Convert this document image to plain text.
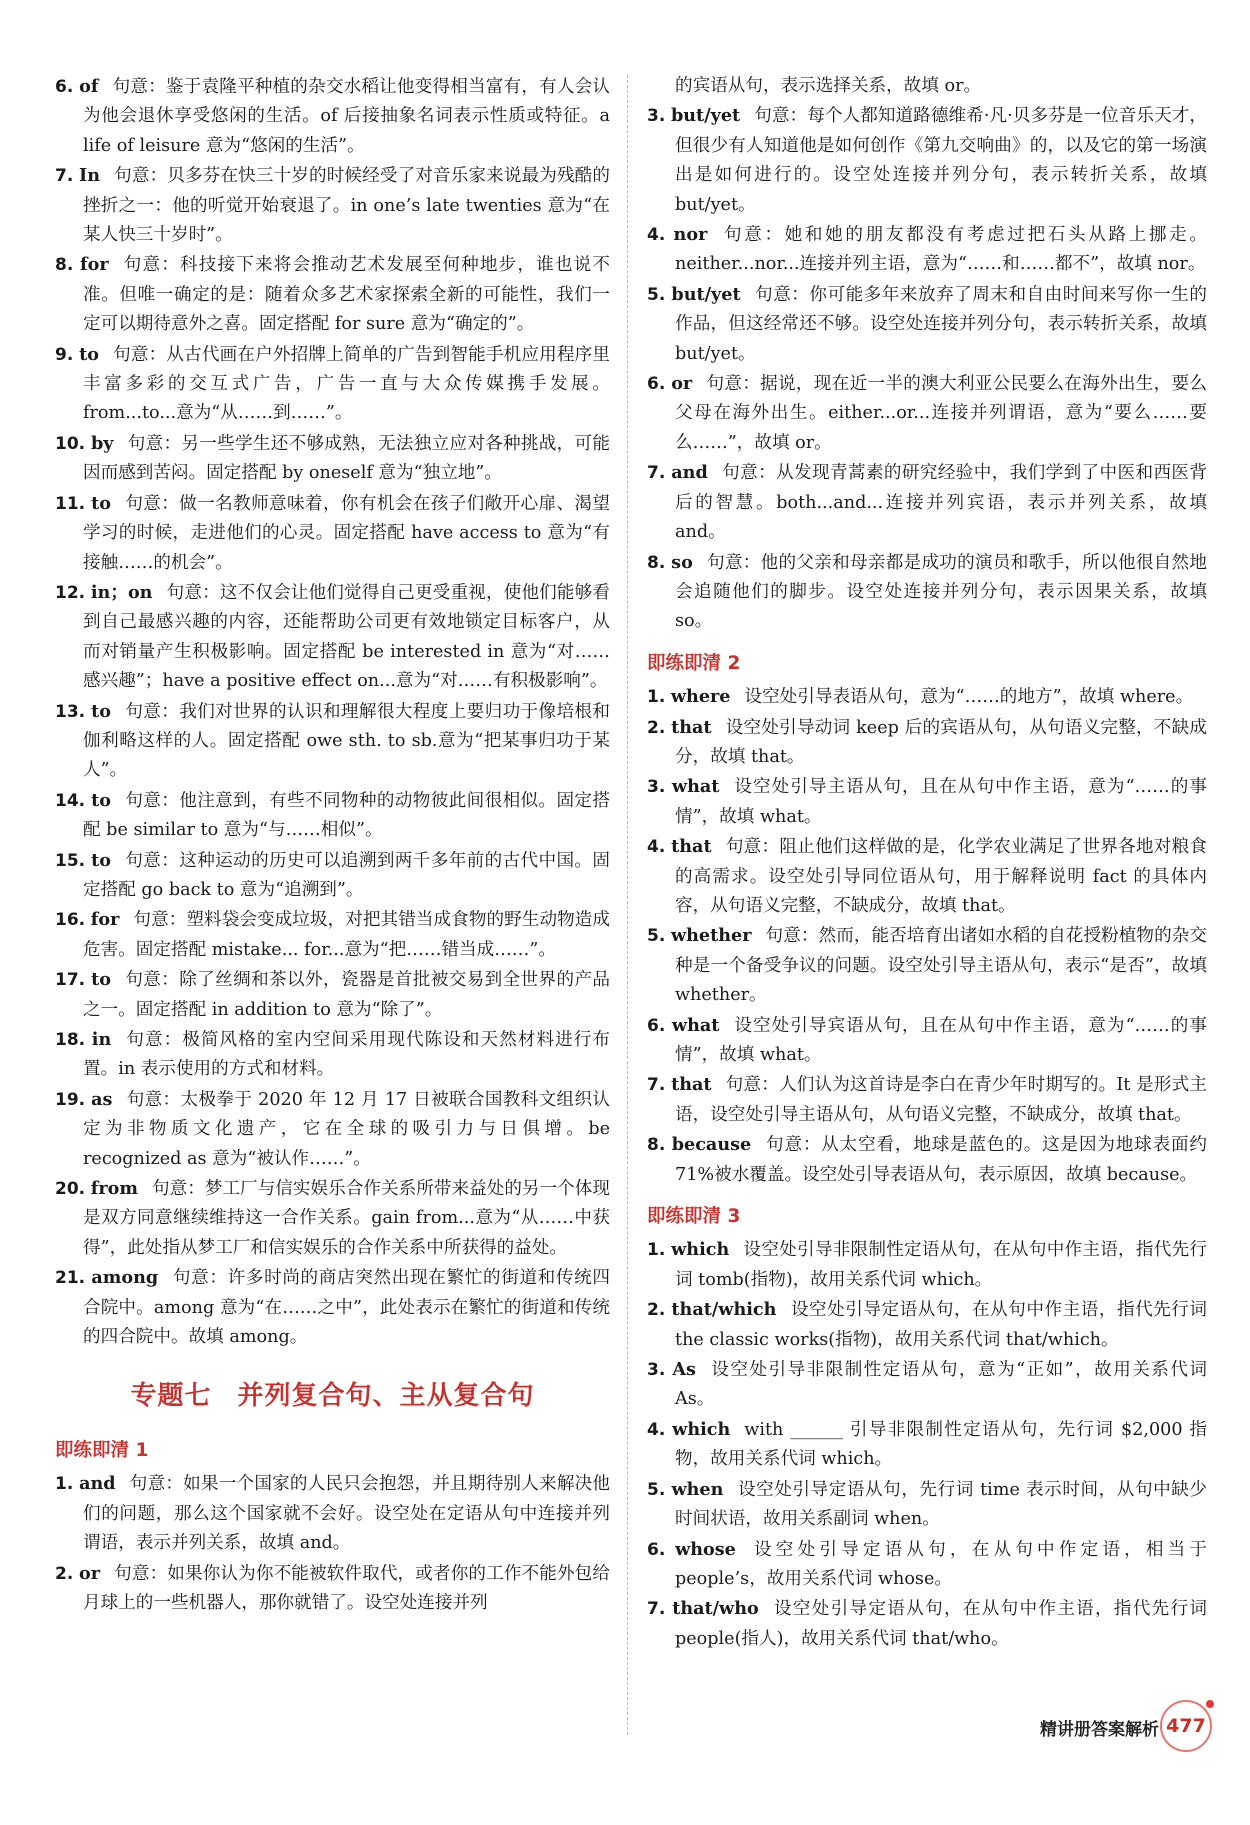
6. of 句意：鉴于袁隆平种植的杂交水稻让他变得相当富有，有人会认为他会退休享受悠闲的生活。of 后接抽象名词表示性质或特征。a life of leisure 意为“悠闲的生活”。
7. In 句意：贝多芬在快三十岁的时候经受了对音乐家来说最为残酷的挫折之一：他的听觉开始衰退了。in one’s late twenties 意为“在某人快三十岁时”。
8. for 句意：科技接下来将会推动艺术发展至何种地步，谁也说不准。但唯一确定的是：随着众多艺术家探索全新的可能性，我们一定可以期待意外之喜。固定搭配 for sure 意为“确定的”。
9. to 句意：从古代画在户外招牌上简单的广告到智能手机应用程序里丰富多彩的交互式广告，广告一直与大众传媒携手发展。from...to...意为“从……到……”。
10. by 句意：另一些学生还不够成熟，无法独立应对各种挑战，可能因而感到苦闷。固定搭配 by oneself 意为“独立地”。
11. to 句意：做一名教师意味着，你有机会在孩子们敞开心扉、渴望学习的时候，走进他们的心灵。固定搭配 have access to 意为“有接触……的机会”。
12. in；on 句意：这不仅会让他们觉得自己更受重视，使他们能够看到自己最感兴趣的内容，还能帮助公司更有效地锁定目标客户，从而对销量产生积极影响。固定搭配 be interested in 意为“对……感兴趣”；have a positive effect on...意为“对……有积极影响”。
13. to 句意：我们对世界的认识和理解很大程度上要归功于像培根和伽利略这样的人。固定搭配 owe sth. to sb.意为“把某事归功于某人”。
14. to 句意：他注意到，有些不同物种的动物彼此间很相似。固定搭配 be similar to 意为“与……相似”。
15. to 句意：这种运动的历史可以追溯到两千多年前的古代中国。固定搭配 go back to 意为“追溯到”。
16. for 句意：塑料袋会变成垃圾，对把其错当成食物的野生动物造成危害。固定搭配 mistake... for...意为“把……错当成……”。
17. to 句意：除了丝绸和茶以外，瓷器是首批被交易到全世界的产品之一。固定搭配 in addition to 意为“除了”。
18. in 句意：极简风格的室内空间采用现代陈设和天然材料进行布置。in 表示使用的方式和材料。
19. as 句意：太极拳于 2020 年 12 月 17 日被联合国教科文组织认定为非物质文化遗产，它在全球的吸引力与日俱增。be recognized as 意为“被认作……”。
20. from 句意：梦工厂与信实娱乐合作关系所带来益处的另一个体现是双方同意继续维持这一合作关系。gain from...意为“从……中获得”，此处指从梦工厂和信实娱乐的合作关系中所获得的益处。
21. among 句意：许多时尚的商店突然出现在繁忙的街道和传统四合院中。among 意为“在……之中”，此处表示在繁忙的街道和传统的四合院中。故填 among。
专题七 并列复合句、主从复合句
即练即清 1
1. and 句意：如果一个国家的人民只会抱怨，并且期待别人来解决他们的问题，那么这个国家就不会好。设空处在定语从句中连接并列谓语，表示并列关系，故填 and。
2. or 句意：如果你认为你不能被软件取代，或者你的工作不能外包给月球上的一些机器人，那你就错了。设空处连接并列
的宾语从句，表示选择关系，故填 or。
3. but/yet 句意：每个人都知道路德维希·凡·贝多芬是一位音乐天才，但很少有人知道他是如何创作《第九交响曲》的，以及它的第一场演出是如何进行的。设空处连接并列分句，表示转折关系，故填 but/yet。
4. nor 句意：她和她的朋友都没有考虑过把石头从路上挪走。neither...nor...连接并列主语，意为“……和……都不”，故填 nor。
5. but/yet 句意：你可能多年来放弃了周末和自由时间来写你一生的作品，但这经常还不够。设空处连接并列分句，表示转折关系，故填 but/yet。
6. or 句意：据说，现在近一半的澳大利亚公民要么在海外出生，要么父母在海外出生。either...or...连接并列谓语，意为“要么……要么……”，故填 or。
7. and 句意：从发现青蒿素的研究经验中，我们学到了中医和西医背后的智慧。both...and...连接并列宾语，表示并列关系，故填 and。
8. so 句意：他的父亲和母亲都是成功的演员和歌手，所以他很自然地会追随他们的脚步。设空处连接并列分句，表示因果关系，故填 so。
即练即清 2
1. where 设空处引导表语从句，意为“……的地方”，故填 where。
2. that 设空处引导动词 keep 后的宾语从句，从句语义完整，不缺成分，故填 that。
3. what 设空处引导主语从句，且在从句中作主语，意为“……的事情”，故填 what。
4. that 句意：阻止他们这样做的是，化学农业满足了世界各地对粮食的高需求。设空处引导同位语从句，用于解释说明 fact 的具体内容，从句语义完整，不缺成分，故填 that。
5. whether 句意：然而，能否培育出诸如水稻的自花授粉植物的杂交种是一个备受争议的问题。设空处引导主语从句，表示“是否”，故填 whether。
6. what 设空处引导宾语从句，且在从句中作主语，意为“……的事情”，故填 what。
7. that 句意：人们认为这首诗是李白在青少年时期写的。It 是形式主语，设空处引导主语从句，从句语义完整，不缺成分，故填 that。
8. because 句意：从太空看，地球是蓝色的。这是因为地球表面约 71%被水覆盖。设空处引导表语从句，表示原因，故填 because。
即练即清 3
1. which 设空处引导非限制性定语从句，在从句中作主语，指代先行词 tomb(指物)，故用关系代词 which。
2. that/which 设空处引导定语从句，在从句中作主语，指代先行词 the classic works(指物)，故用关系代词 that/which。
3. As 设空处引导非限制性定语从句，意为“正如”，故用关系代词 As。
4. which with ______ 引导非限制性定语从句，先行词 $2,000 指物，故用关系代词 which。
5. when 设空处引导定语从句，先行词 time 表示时间，从句中缺少时间状语，故用关系副词 when。
6. whose 设空处引导定语从句，在从句中作定语，相当于 people’s，故用关系代词 whose。
7. that/who 设空处引导定语从句，在从句中作主语，指代先行词 people(指人)，故用关系代词 that/who。
精讲册答案解析 477
